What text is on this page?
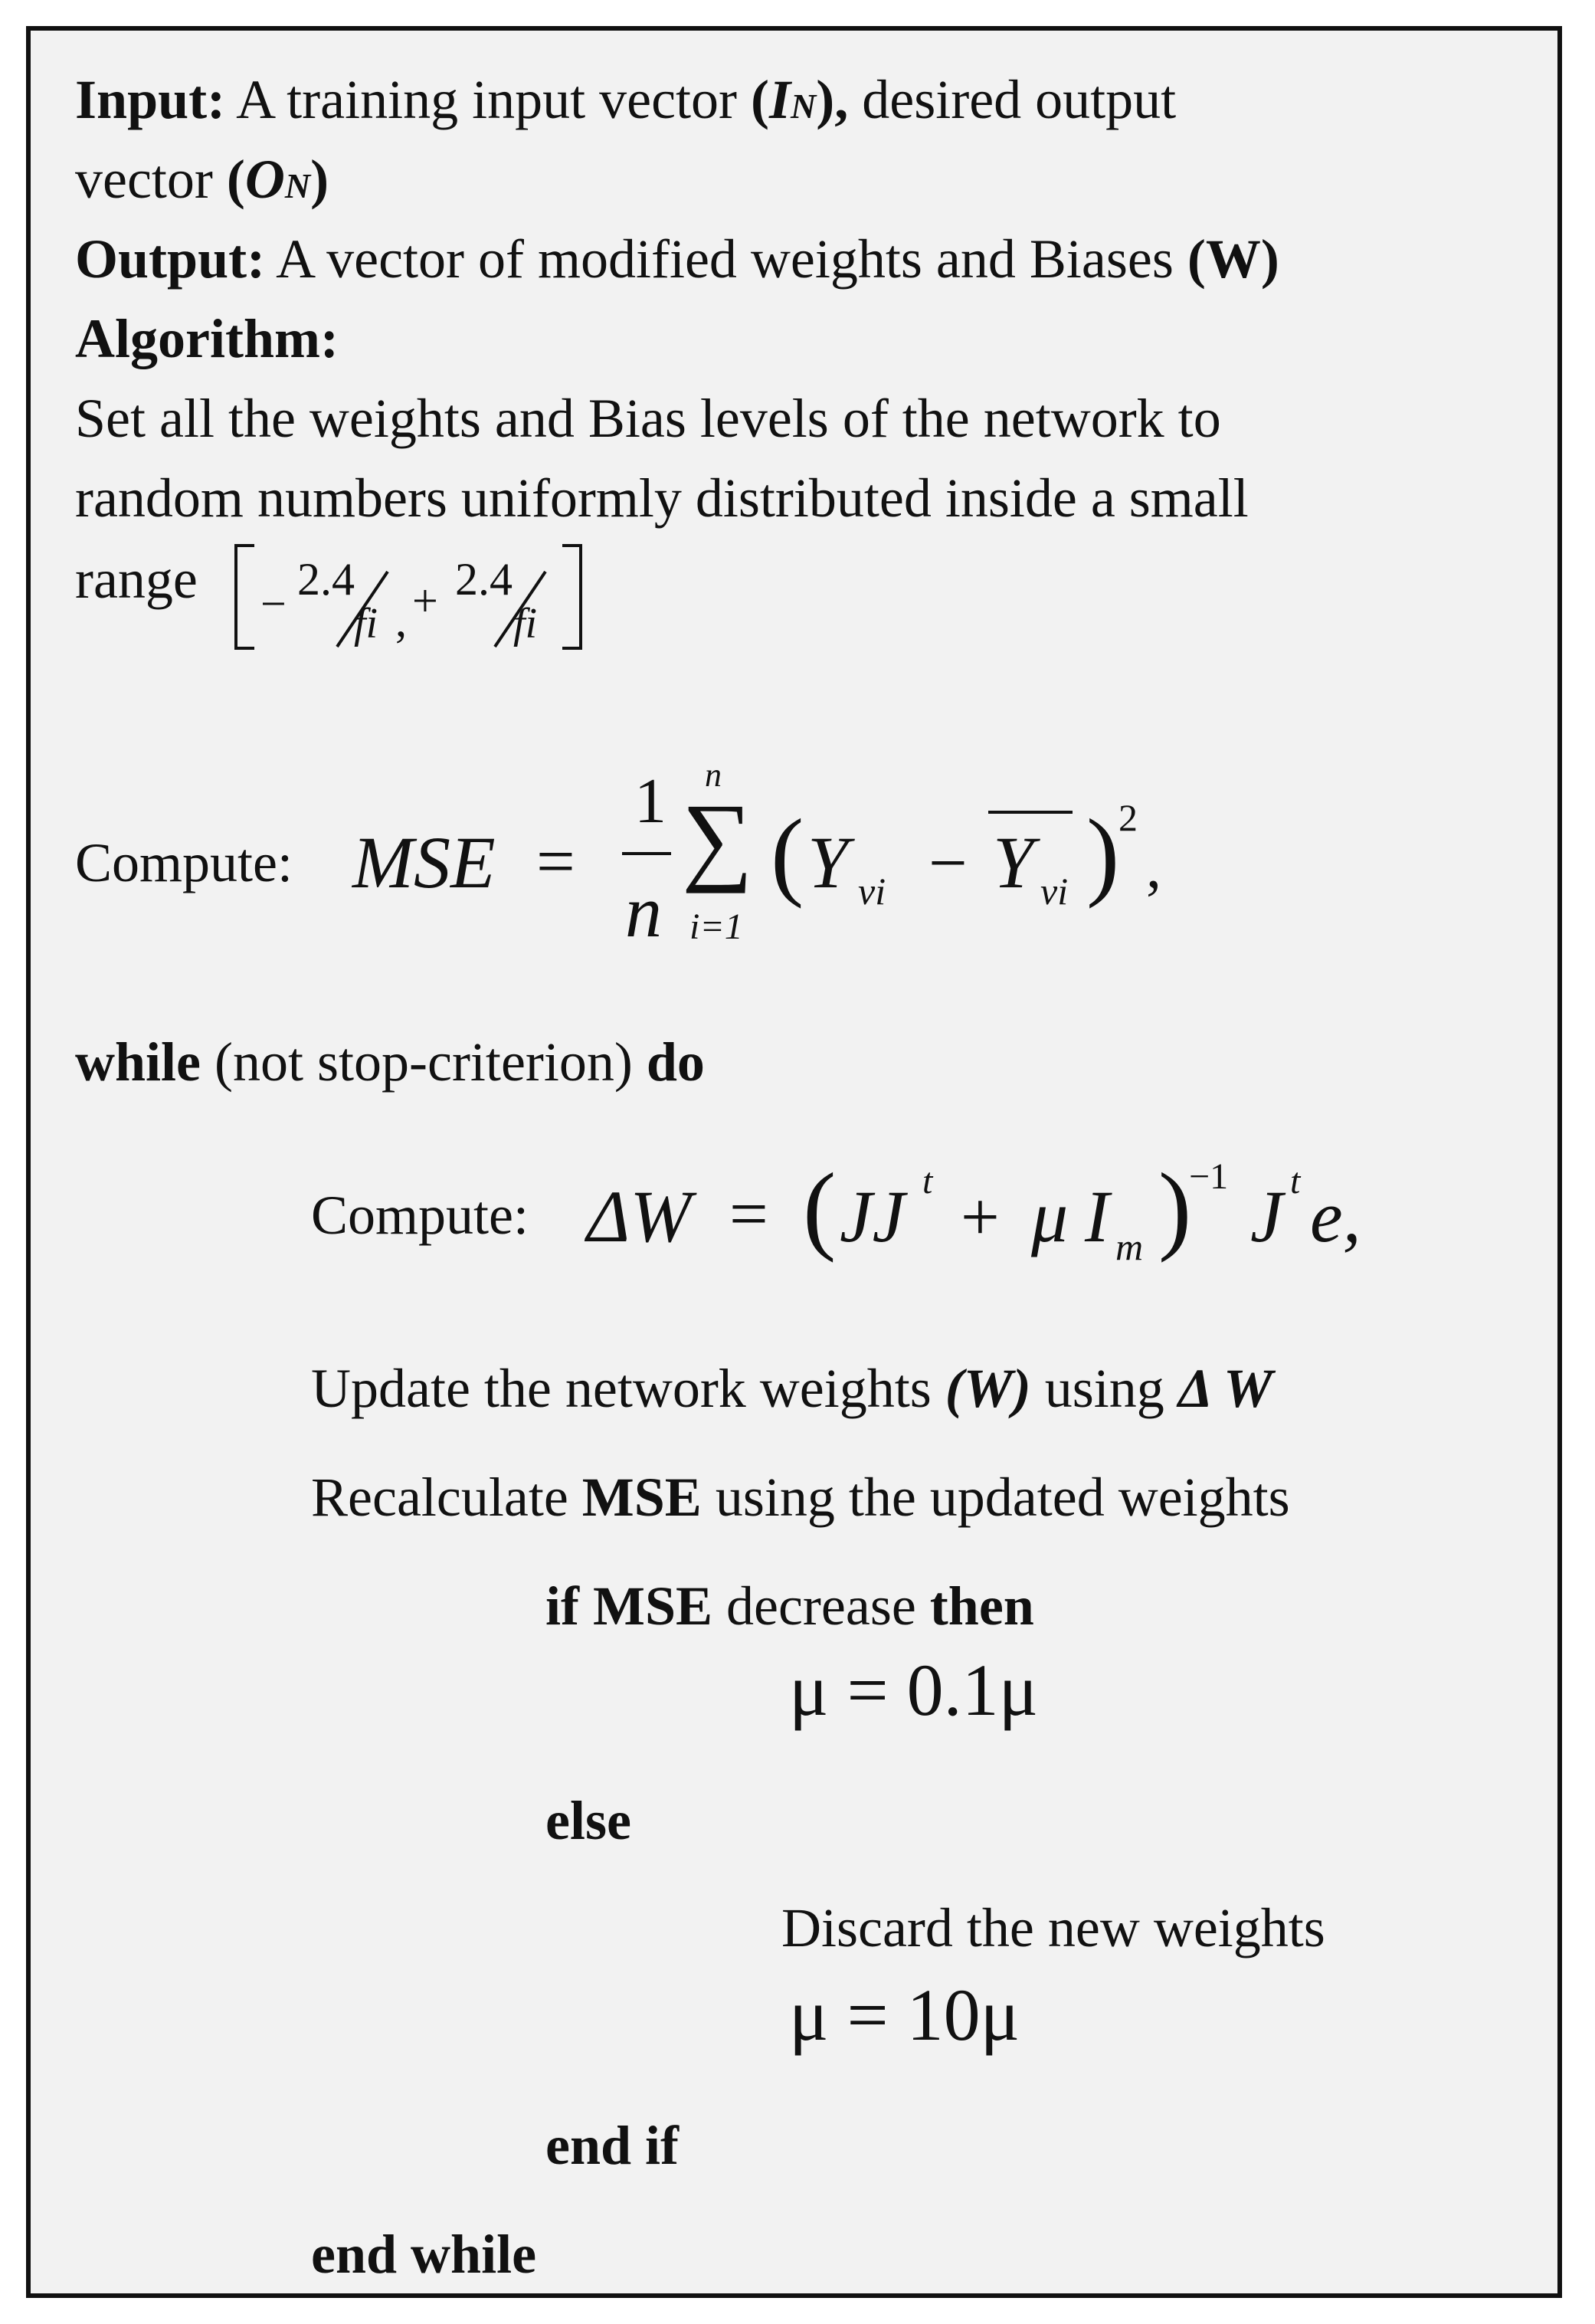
Input: A training input vector (IN), desired output
vector (ON)
Output: A vector of modified weights and Biases (W)
Algorithm:
Set all the weights and Bias levels of the network to
random numbers uniformly distributed inside a small
range − 2.4
fi , + 2.4
fi
Compute: MSE =
1
n
n
∑
i=1
( Y vi − Y vi )
2
,
while (not stop-criterion) do
Compute: ΔW = ( JJ t + μ I m )
−1 J t e,
Update the network weights (W) using Δ W
Recalculate MSE using the updated weights
if MSE decrease then
μ = 0.1μ
else
Discard the new weights
μ = 10μ
end if
end while
